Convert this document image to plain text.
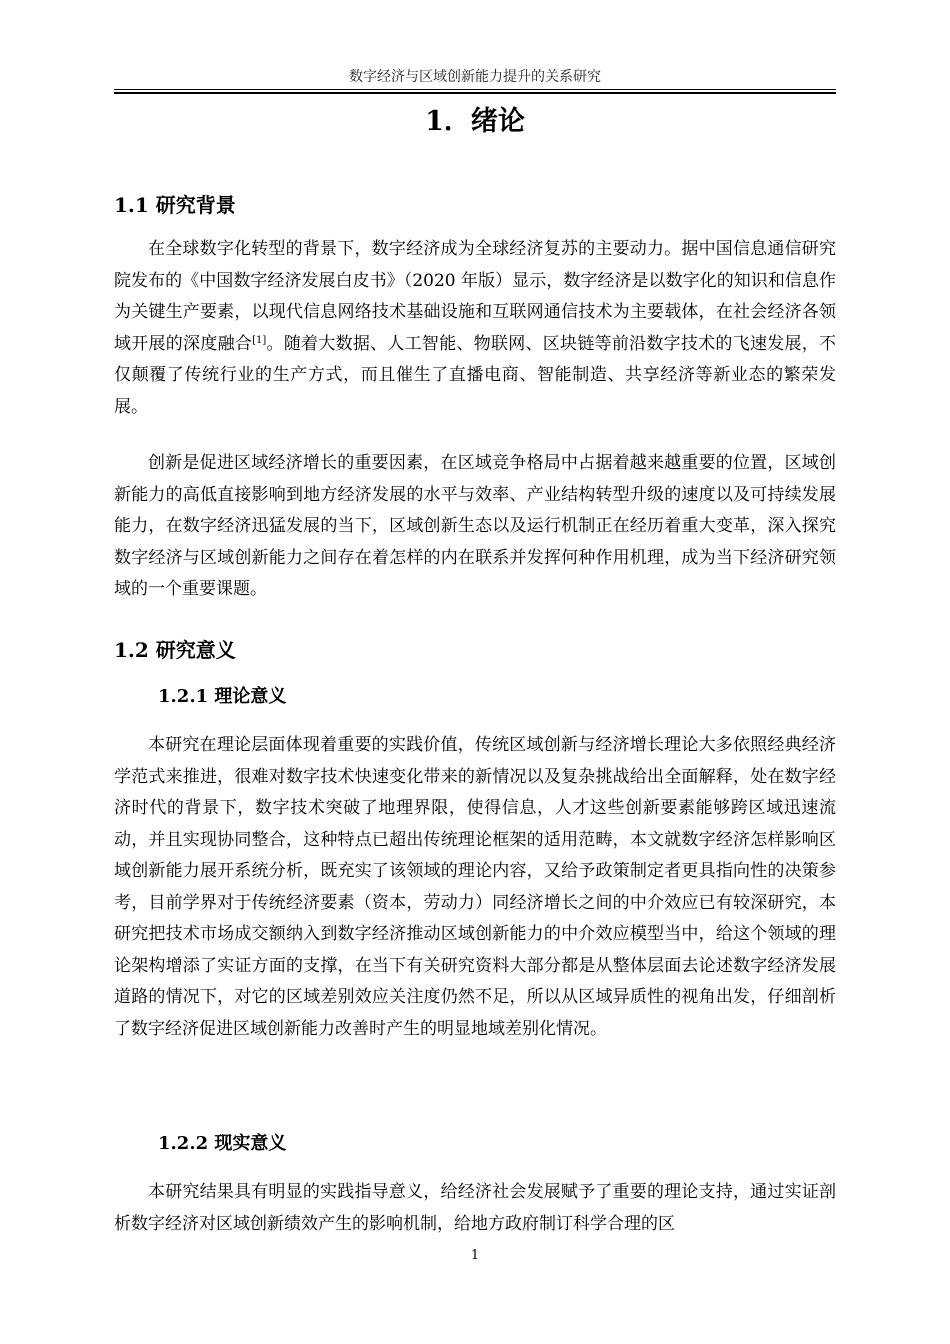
数字经济与区域创新能力提升的关系研究
1．绪论
1.1 研究背景

在全球数字化转型的背景下，数字经济成为全球经济复苏的主要动力。据中国信息通信研究院发布的《中国数字经济发展白皮书》（2020 年版）显示，数字经济是以数字化的知识和信息作为关键生产要素，以现代信息网络技术基础设施和互联网通信技术为主要载体，在社会经济各领域开展的深度融合[1]。随着大数据、人工智能、物联网、区块链等前沿数字技术的飞速发展，不仅颠覆了传统行业的生产方式，而且催生了直播电商、智能制造、共享经济等新业态的繁荣发展。

创新是促进区域经济增长的重要因素，在区域竞争格局中占据着越来越重要的位置，区域创新能力的高低直接影响到地方经济发展的水平与效率、产业结构转型升级的速度以及可持续发展能力，在数字经济迅猛发展的当下，区域创新生态以及运行机制正在经历着重大变革，深入探究数字经济与区域创新能力之间存在着怎样的内在联系并发挥何种作用机理，成为当下经济研究领域的一个重要课题。

1.2 研究意义
1.2.1 理论意义

本研究在理论层面体现着重要的实践价值，传统区域创新与经济增长理论大多依照经典经济学范式来推进，很难对数字技术快速变化带来的新情况以及复杂挑战给出全面解释，处在数字经济时代的背景下，数字技术突破了地理界限，使得信息，人才这些创新要素能够跨区域迅速流动，并且实现协同整合，这种特点已超出传统理论框架的适用范畴，本文就数字经济怎样影响区域创新能力展开系统分析，既充实了该领域的理论内容，又给予政策制定者更具指向性的决策参考，目前学界对于传统经济要素（资本，劳动力）同经济增长之间的中介效应已有较深研究，本研究把技术市场成交额纳入到数字经济推动区域创新能力的中介效应模型当中，给这个领域的理论架构增添了实证方面的支撑，在当下有关研究资料大部分都是从整体层面去论述数字经济发展道路的情况下，对它的区域差别效应关注度仍然不足，所以从区域异质性的视角出发，仔细剖析了数字经济促进区域创新能力改善时产生的明显地域差别化情况。

1.2.2 现实意义

本研究结果具有明显的实践指导意义，给经济社会发展赋予了重要的理论支持，通过实证剖析数字经济对区域创新绩效产生的影响机制，给地方政府制订科学合理的区

1
